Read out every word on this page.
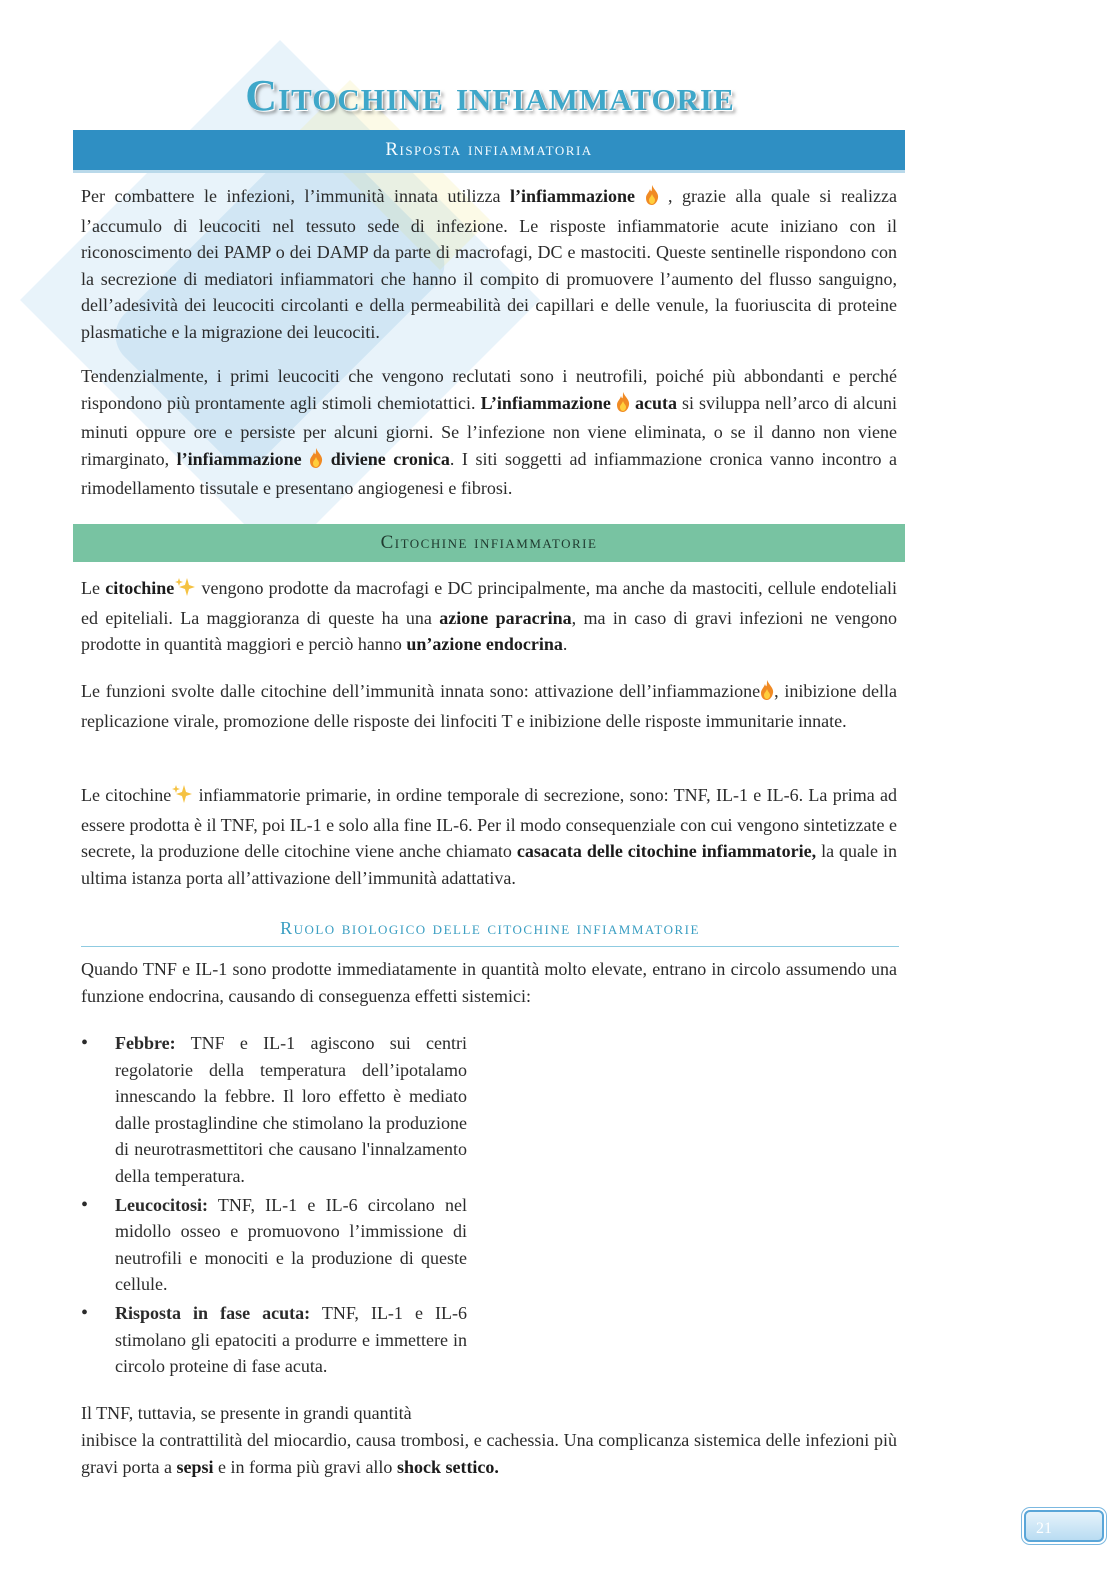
Citochine infiammatorie
Risposta infiammatoria

Per combattere le infezioni, l’immunità innata utilizza l’infiammazione  , grazie alla quale si realizza l’accumulo di leucociti nel tessuto sede di infezione. Le risposte infiammatorie acute iniziano con il riconoscimento dei PAMP o dei DAMP da parte di macrofagi, DC e mastociti. Queste sentinelle rispondono con la secrezione di mediatori infiammatori che hanno il compito di promuovere l’aumento del flusso sanguigno, dell’adesività dei leucociti circolanti e della permeabilità dei capillari e delle venule, la fuoriuscita di proteine plasmatiche e la migrazione dei leucociti.

Tendenzialmente, i primi leucociti che vengono reclutati sono i neutrofili, poiché più abbondanti e perché rispondono più prontamente agli stimoli chemiotattici. L’infiammazione acuta si sviluppa nell’arco di alcuni minuti oppure ore e persiste per alcuni giorni. Se l’infezione non viene eliminata, o se il danno non viene rimarginato, l’infiammazione diviene cronica. I siti soggetti ad infiammazione cronica vanno incontro a rimodellamento tissutale e presentano angiogenesi e fibrosi.

Citochine infiammatorie

Le citochine vengono prodotte da macrofagi e DC principalmente, ma anche da mastociti, cellule endoteliali ed epiteliali. La maggioranza di queste ha una azione paracrina, ma in caso di gravi infezioni ne vengono prodotte in quantità maggiori e perciò hanno un’azione endocrina.

Le funzioni svolte dalle citochine dell’immunità innata sono: attivazione dell’infiammazione , inibizione della replicazione virale, promozione delle risposte dei linfociti T e inibizione delle risposte immunitarie innate.

Le citochine infiammatorie primarie, in ordine temporale di secrezione, sono: TNF, IL-1 e IL-6. La prima ad essere prodotta è il TNF, poi IL-1 e solo alla fine IL-6. Per il modo consequenziale con cui vengono sintetizzate e secrete, la produzione delle citochine viene anche chiamato casacata delle citochine infiammatorie, la quale in ultima istanza porta all’attivazione dell’immunità adattativa.

Ruolo biologico delle citochine infiammatorie

Quando TNF e IL-1 sono prodotte immediatamente in quantità molto elevate, entrano in circolo assumendo una funzione endocrina, causando di conseguenza effetti sistemici:

• Febbre: TNF e IL-1 agiscono sui centri regolatorie della temperatura dell’ipotalamo innescando la febbre. Il loro effetto è mediato dalle prostaglindine che stimolano la produzione di neurotrasmettitori che causano l'innalzamento della temperatura.
• Leucocitosi: TNF, IL-1 e IL-6 circolano nel midollo osseo e promuovono l’immissione di neutrofili e monociti e la produzione di queste cellule.
• Risposta in fase acuta: TNF, IL-1 e IL-6 stimolano gli epatociti a produrre e immettere in circolo proteine di fase acuta.

Il TNF, tuttavia, se presente in grandi quantità

inibisce la contrattilità del miocardio, causa trombosi, e cachessia. Una complicanza sistemica delle infezioni più gravi porta a sepsi e in forma più gravi allo shock settico.

21
